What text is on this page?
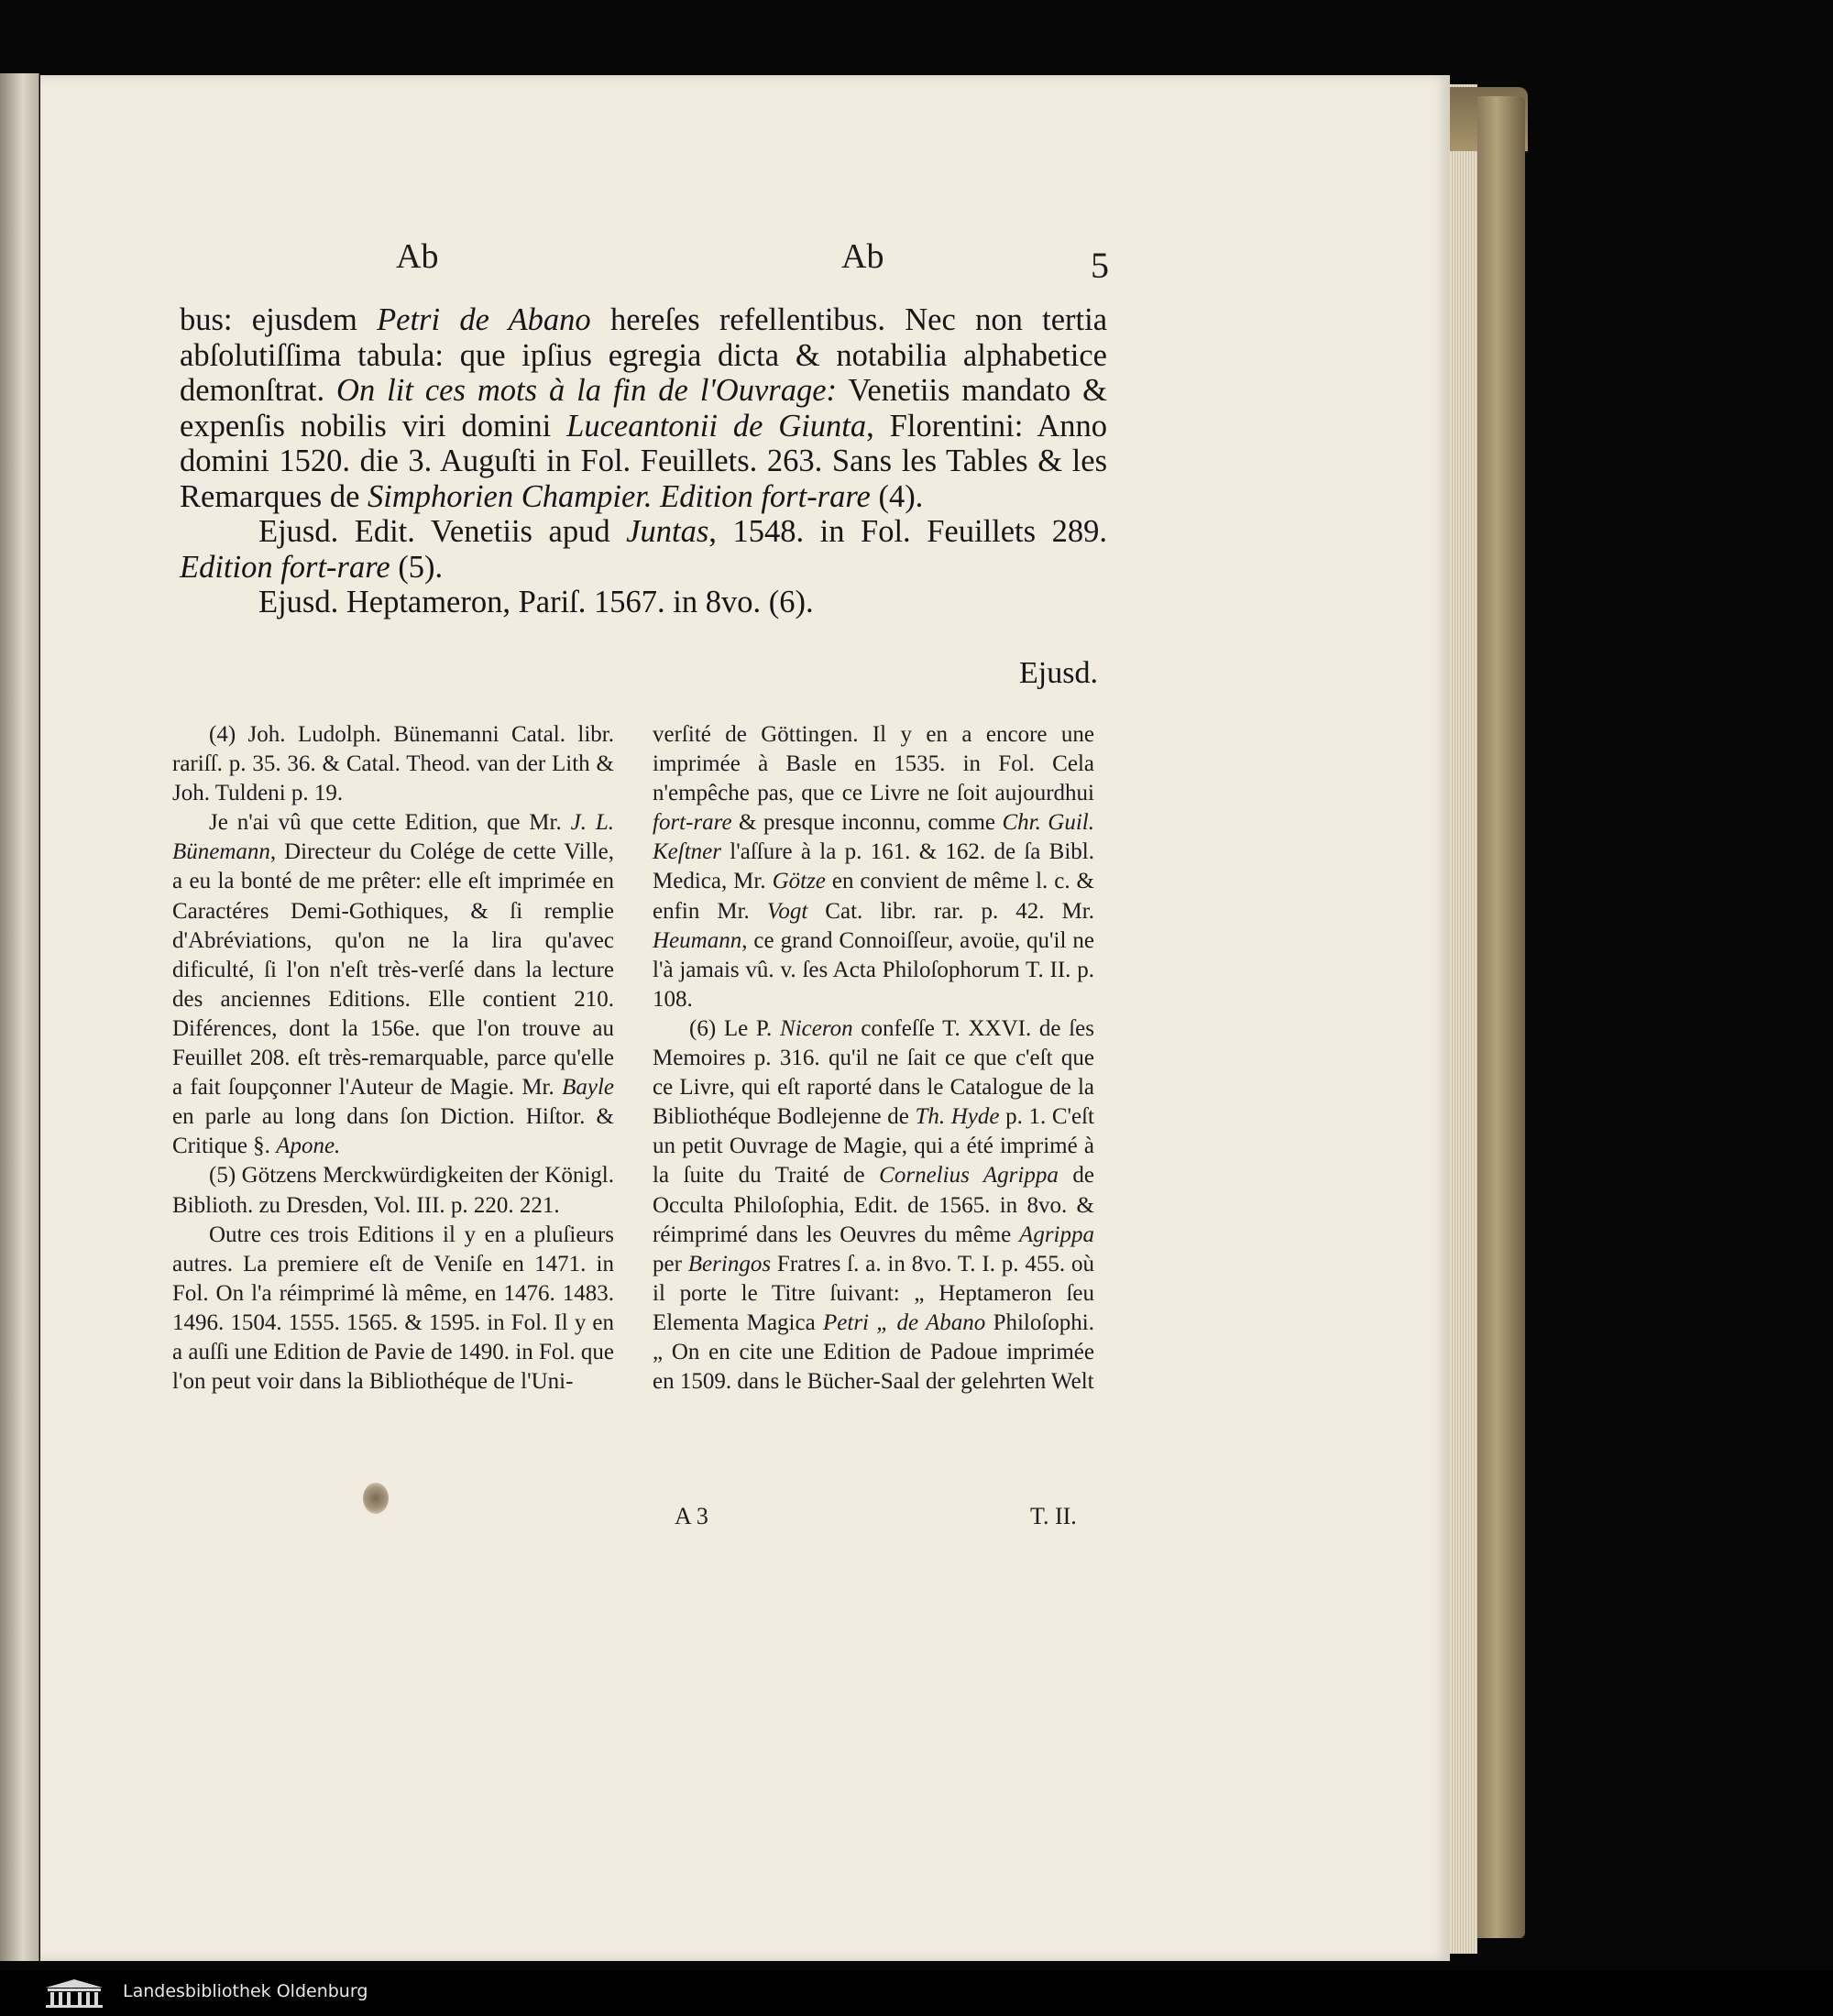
Ab	Ab	5

bus: ejusdem Petri de Abano hereſes refellentibus. Nec non tertia abſolutiſſima tabula: que ipſius egregia dicta & notabilia alphabetice demonſtrat. On lit ces mots à la fin de l'Ouvrage: Venetiis mandato & expenſis nobilis viri domini Luceantonii de Giunta, Florentini: Anno domini 1520. die 3. Auguſti in Fol. Feuillets. 263. Sans les Tables & les Remarques de Simphorien Champier. Edition fort-rare (4).

Ejusd. Edit. Venetiis apud Juntas, 1548. in Fol. Feuillets 289. Edition fort-rare (5).

Ejusd. Heptameron, Pariſ. 1567. in 8vo. (6).

Ejusd.

(4) Joh. Ludolph. Bünemanni Catal. libr. rariſſ. p. 35. 36. & Catal. Theod. van der Lith & Joh. Tuldeni p. 19.

Je n'ai vû que cette Edition, que Mr. J. L. Bünemann, Directeur du Colége de cette Ville, a eu la bonté de me prêter: elle eſt imprimée en Caractéres Demi-Gothiques, & ſi remplie d'Abréviations, qu'on ne la lira qu'avec dificulté, ſi l'on n'eſt très-verſé dans la lecture des anciennes Editions. Elle contient 210. Diférences, dont la 156e. que l'on trouve au Feuillet 208. eſt très-remarquable, parce qu'elle a fait ſoupçonner l'Auteur de Magie. Mr. Bayle en parle au long dans ſon Diction. Hiſtor. & Critique §. Apone.

(5) Götzens Merckwürdigkeiten der Königl. Biblioth. zu Dresden, Vol. III. p. 220. 221.

Outre ces trois Editions il y en a pluſieurs autres. La premiere eſt de Veniſe en 1471. in Fol. On l'a réimprimé là même, en 1476. 1483. 1496. 1504. 1555. 1565. & 1595. in Fol. Il y en a auſſi une Edition de Pavie de 1490. in Fol. que l'on peut voir dans la Bibliothéque de l'Uni-

verſité de Göttingen. Il y en a encore une imprimée à Basle en 1535. in Fol. Cela n'empêche pas, que ce Livre ne ſoit aujourdhui fort-rare & presque inconnu, comme Chr. Guil. Keſtner l'aſſure à la p. 161. & 162. de ſa Bibl. Medica, Mr. Götze en convient de même l. c. & enfin Mr. Vogt Cat. libr. rar. p. 42. Mr. Heumann, ce grand Connoiſſeur, avoüe, qu'il ne l'à jamais vû. v. ſes Acta Philoſophorum T. II. p. 108.

(6) Le P. Niceron confeſſe T. XXVI. de ſes Memoires p. 316. qu'il ne ſait ce que c'eſt que ce Livre, qui eſt raporté dans le Catalogue de la Bibliothéque Bodlejenne de Th. Hyde p. 1. C'eſt un petit Ouvrage de Magie, qui a été imprimé à la ſuite du Traité de Cornelius Agrippa de Occulta Philoſophia, Edit. de 1565. in 8vo. & réimprimé dans les Oeuvres du même Agrippa per Beringos Fratres ſ. a. in 8vo. T. I. p. 455. où il porte le Titre ſuivant: „ Heptameron ſeu Elementa Magica Petri „ de Abano Philoſophi. „ On en cite une Edition de Padoue imprimée en 1509. dans le Bücher-Saal der gelehrten Welt

A 3	T. II.
Landesbibliothek Oldenburg
